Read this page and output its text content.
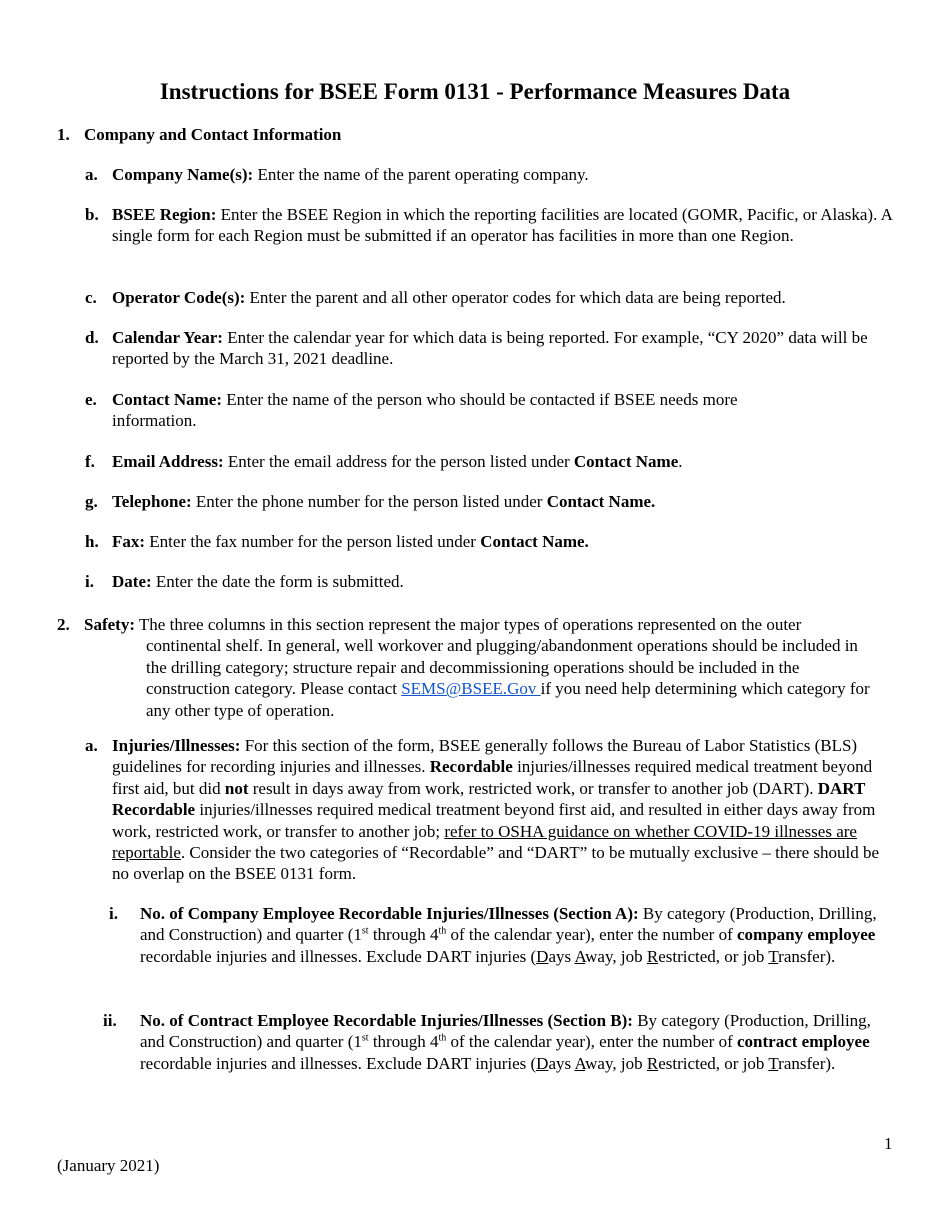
Instructions for BSEE Form 0131 - Performance Measures Data
1. Company and Contact Information
a. Company Name(s): Enter the name of the parent operating company.
b. BSEE Region: Enter the BSEE Region in which the reporting facilities are located (GOMR, Pacific, or Alaska). A single form for each Region must be submitted if an operator has facilities in more than one Region.
c. Operator Code(s): Enter the parent and all other operator codes for which data are being reported.
d. Calendar Year: Enter the calendar year for which data is being reported. For example, “CY 2020” data will be reported by the March 31, 2021 deadline.
e. Contact Name: Enter the name of the person who should be contacted if BSEE needs more information.
f. Email Address: Enter the email address for the person listed under Contact Name.
g. Telephone: Enter the phone number for the person listed under Contact Name.
h. Fax: Enter the fax number for the person listed under Contact Name.
i. Date: Enter the date the form is submitted.
2. Safety: The three columns in this section represent the major types of operations represented on the outer continental shelf. In general, well workover and plugging/abandonment operations should be included in the drilling category; structure repair and decommissioning operations should be included in the construction category. Please contact SEMS@BSEE.Gov if you need help determining which category for any other type of operation.
a. Injuries/Illnesses: For this section of the form, BSEE generally follows the Bureau of Labor Statistics (BLS) guidelines for recording injuries and illnesses. Recordable injuries/illnesses required medical treatment beyond first aid, but did not result in days away from work, restricted work, or transfer to another job (DART). DART Recordable injuries/illnesses required medical treatment beyond first aid, and resulted in either days away from work, restricted work, or transfer to another job; refer to OSHA guidance on whether COVID-19 illnesses are reportable. Consider the two categories of “Recordable” and “DART” to be mutually exclusive – there should be no overlap on the BSEE 0131 form.
i. No. of Company Employee Recordable Injuries/Illnesses (Section A): By category (Production, Drilling, and Construction) and quarter (1st through 4th of the calendar year), enter the number of company employee recordable injuries and illnesses. Exclude DART injuries (Days Away, job Restricted, or job Transfer).
ii. No. of Contract Employee Recordable Injuries/Illnesses (Section B): By category (Production, Drilling, and Construction) and quarter (1st through 4th of the calendar year), enter the number of contract employee recordable injuries and illnesses. Exclude DART injuries (Days Away, job Restricted, or job Transfer).
1
(January 2021)
